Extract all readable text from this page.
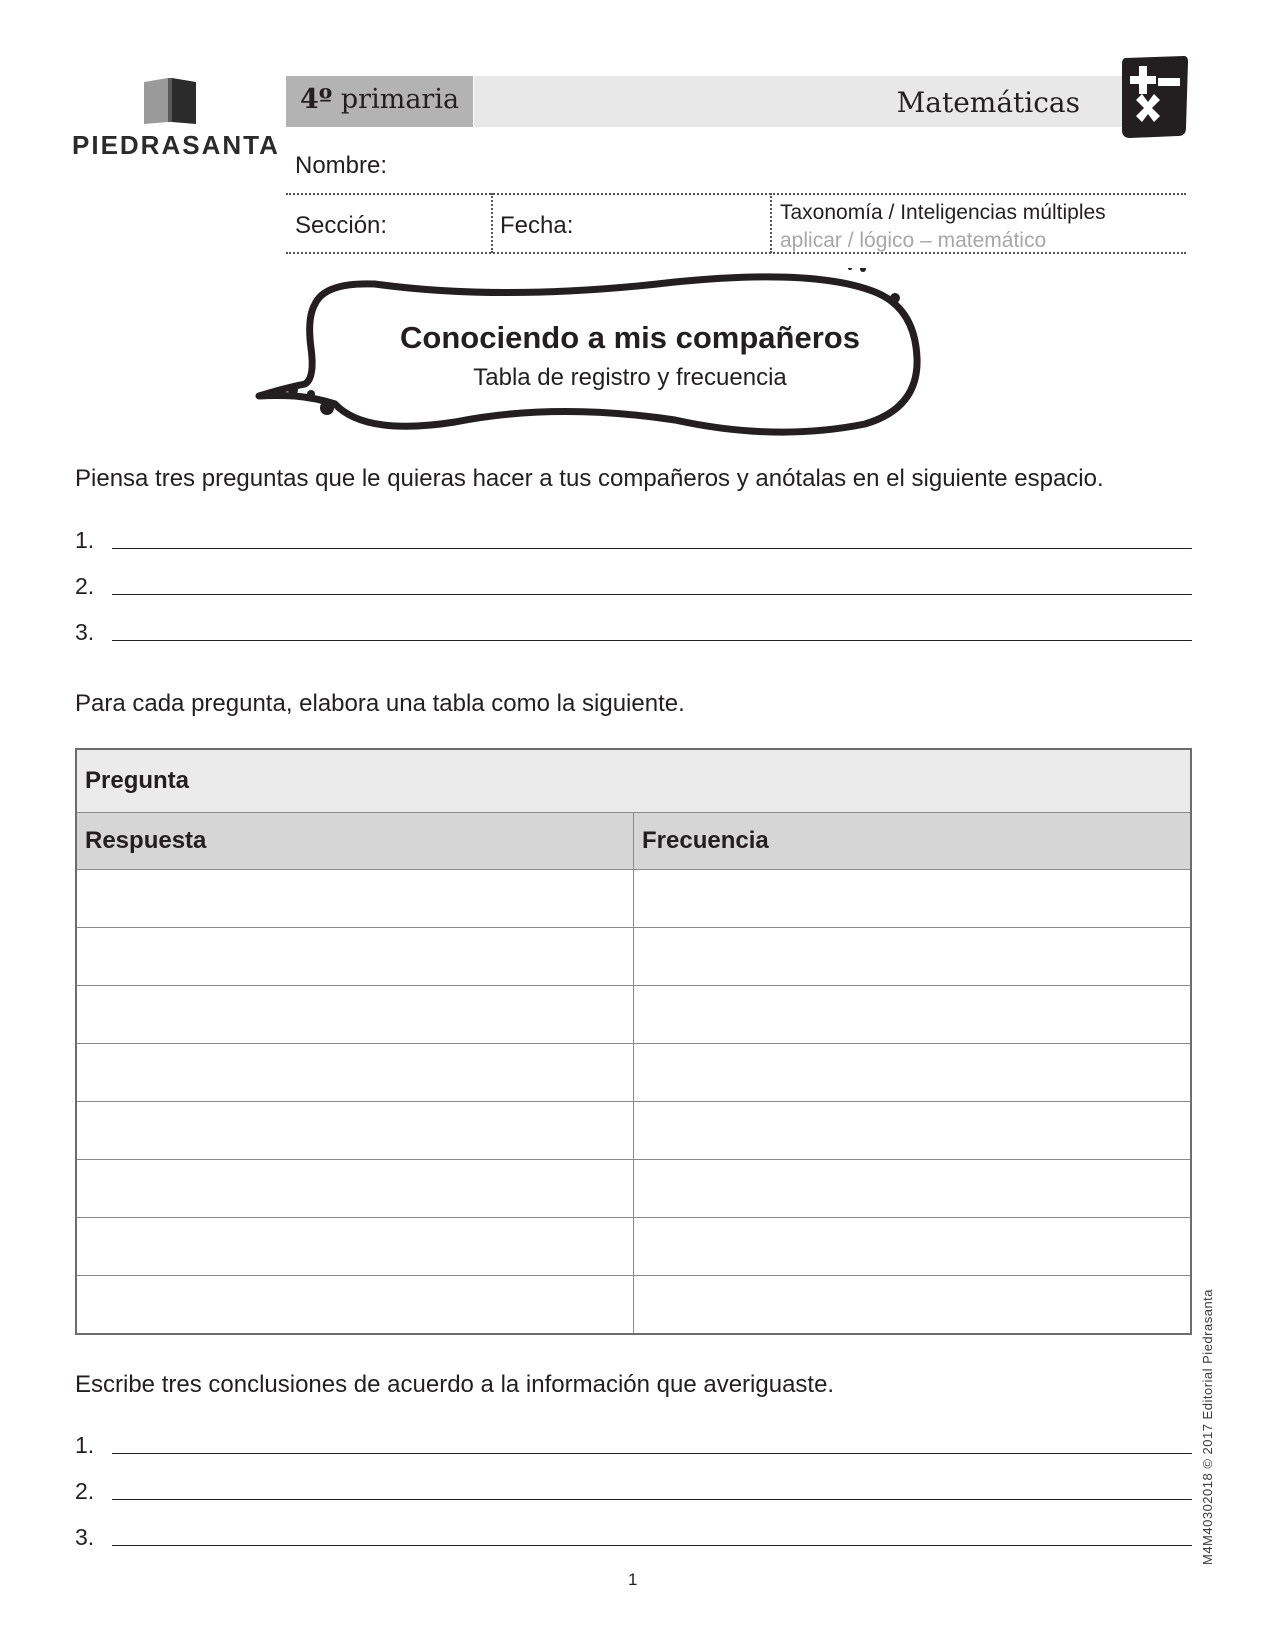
PIEDRASANTA
4º primaria	Matemáticas
Nombre:
Sección:	Fecha:	Taxonomía / Inteligencias múltiples
aplicar / lógico – matemático
Conociendo a mis compañeros
Tabla de registro y frecuencia
Piensa tres preguntas que le quieras hacer a tus compañeros y anótalas en el siguiente espacio.
1.
2.
3.
Para cada pregunta, elabora una tabla como la siguiente.
Pregunta	
Respuesta	Frecuencia

Escribe tres conclusiones de acuerdo a la información que averiguaste.
1.
2.
3.
1
M4M40302018 © 2017 Editorial Piedrasanta
